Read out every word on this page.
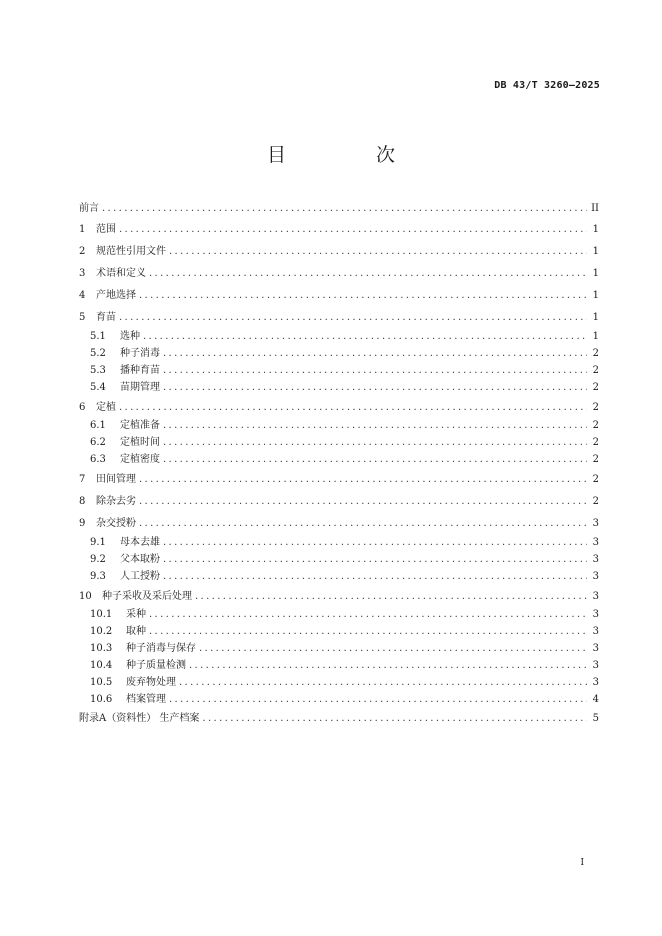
DB 43/T 3260—2025
目 次
前言 . . .	II
1	范围 . . .	1
2	规范性引用文件 . . .	1
3	术语和定义 . . .	1
4	产地选择 . . .	1
5	育苗 . . .	1
5.1	选种 . . .	1
5.2	种子消毒 . . .	2
5.3	播种育苗 . . .	2
5.4	苗期管理 . . .	2
6	定植 . . .	2
6.1	定植准备 . . .	2
6.2	定植时间 . . .	2
6.3	定植密度 . . .	2
7	田间管理 . . .	2
8	除杂去劣 . . .	2
9	杂交授粉 . . .	3
9.1	母本去雄 . . .	3
9.2	父本取粉 . . .	3
9.3	人工授粉 . . .	3
10	种子采收及采后处理 . . .	3
10.1	采种 . . .	3
10.2	取种 . . .	3
10.3	种子消毒与保存 . . .	3
10.4	种子质量检测 . . .	3
10.5	废弃物处理 . . .	3
10.6	档案管理 . . .	4
附录A（资料性） 生产档案 . . .	5
I
